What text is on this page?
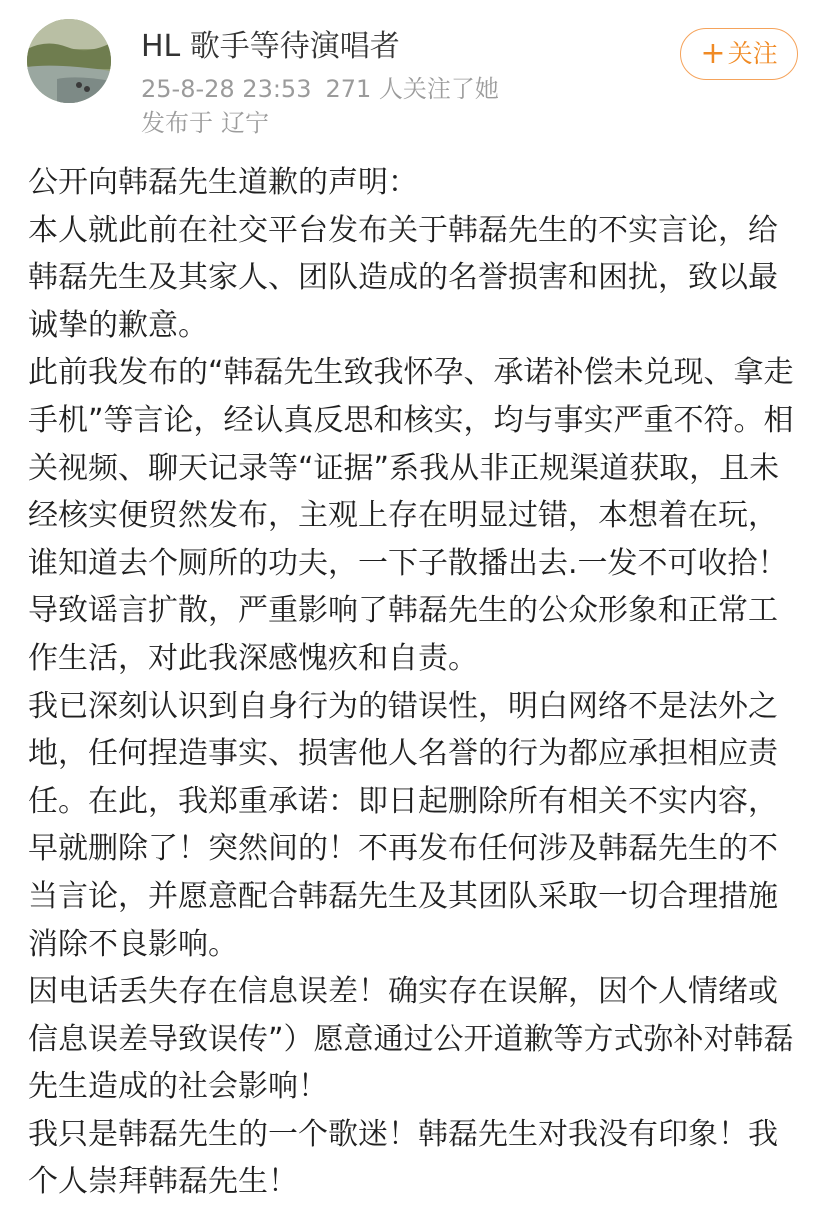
HL 歌手等待演唱者
25-8-28 23:53 271 人关注了她
发布于 辽宁
+关注

公开向韩磊先生道歉的声明：

本人就此前在社交平台发布关于韩磊先生的不实言论，给韩磊先生及其家人、团队造成的名誉损害和困扰，致以最诚挚的歉意。

此前我发布的“韩磊先生致我怀孕、承诺补偿未兑现、拿走手机”等言论，经认真反思和核实，均与事实严重不符。相关视频、聊天记录等“证据”系我从非正规渠道获取，且未经核实便贸然发布，主观上存在明显过错，本想着在玩，谁知道去个厕所的功夫，一下子散播出去.一发不可收拾！导致谣言扩散，严重影响了韩磊先生的公众形象和正常工作生活，对此我深感愧疚和自责。

我已深刻认识到自身行为的错误性，明白网络不是法外之地，任何捏造事实、损害他人名誉的行为都应承担相应责任。在此，我郑重承诺：即日起删除所有相关不实内容，早就删除了！突然间的！不再发布任何涉及韩磊先生的不当言论，并愿意配合韩磊先生及其团队采取一切合理措施消除不良影响。

因电话丢失存在信息误差！确实存在误解，因个人情绪或信息误差导致误传”）愿意通过公开道歉等方式弥补对韩磊先生造成的社会影响！

我只是韩磊先生的一个歌迷！韩磊先生对我没有印象！我个人崇拜韩磊先生！
